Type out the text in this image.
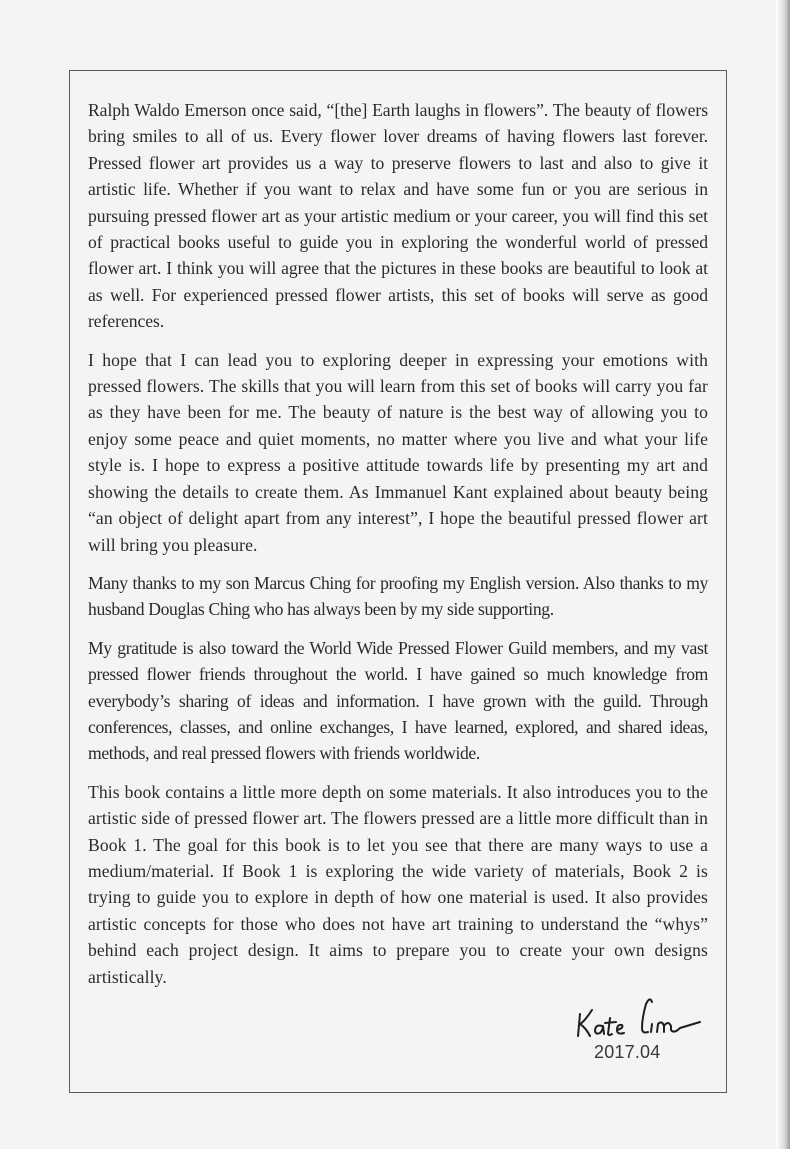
Ralph Waldo Emerson once said, “[the] Earth laughs in flowers”. The beauty of flowers bring smiles to all of us. Every flower lover dreams of having flowers last forever. Pressed flower art provides us a way to preserve flowers to last and also to give it artistic life. Whether if you want to relax and have some fun or you are serious in pursuing pressed flower art as your artistic medium or your career, you will find this set of practical books useful to guide you in exploring the wonderful world of pressed flower art. I think you will agree that the pictures in these books are beautiful to look at as well. For experienced pressed flower artists, this set of books will serve as good references.

I hope that I can lead you to exploring deeper in expressing your emotions with pressed flowers. The skills that you will learn from this set of books will carry you far as they have been for me. The beauty of nature is the best way of allowing you to enjoy some peace and quiet moments, no matter where you live and what your life style is. I hope to express a positive attitude towards life by presenting my art and showing the details to create them. As Immanuel Kant explained about beauty being “an object of delight apart from any interest”, I hope the beautiful pressed flower art will bring you pleasure.

Many thanks to my son Marcus Ching for proofing my English version. Also thanks to my husband Douglas Ching who has always been by my side supporting.

My gratitude is also toward the World Wide Pressed Flower Guild members, and my vast pressed flower friends throughout the world. I have gained so much knowledge from everybody’s sharing of ideas and information. I have grown with the guild. Through conferences, classes, and online exchanges, I have learned, explored, and shared ideas, methods, and real pressed flowers with friends worldwide.

This book contains a little more depth on some materials. It also introduces you to the artistic side of pressed flower art. The flowers pressed are a little more difficult than in Book 1. The goal for this book is to let you see that there are many ways to use a medium/material. If Book 1 is exploring the wide variety of materials, Book 2 is trying to guide you to explore in depth of how one material is used. It also provides artistic concepts for those who does not have art training to understand the “whys” behind each project design. It aims to prepare you to create your own designs artistically.

2017.04
